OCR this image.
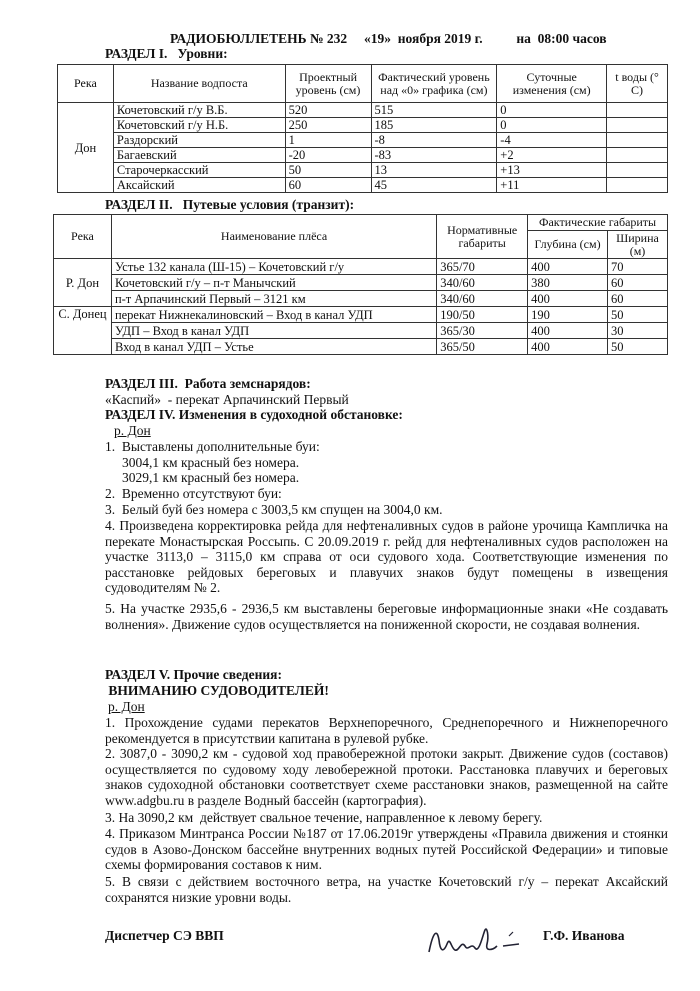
РАДИОБЮЛЛЕТЕНЬ № 232     «19»  ноября 2019 г.          на  08:00 часов
РАЗДЕЛ I.   Уровни:
Река	Название водпоста	Проектный уровень (см)	Фактический уровень над «0» графика (см)	Суточные изменения (см)	t воды (° C)
Дон	Кочетовский г/у В.Б.	520	515	0	
	Кочетовский г/у Н.Б.	250	185	0	
	Раздорский	1	-8	-4	
	Багаевский	-20	-83	+2	
	Старочеркасский	50	13	+13	
	Аксайский	60	45	+11	
РАЗДЕЛ II.   Путевые условия (транзит):
Река	Наименование плёса	Нормативные габариты	Фактические габариты	
			Глубина (см)	Ширина (м)
Р. Дон	Устье 132 канала (Ш-15) – Кочетовский г/у	365/70	400	70
	Кочетовский г/у – п-т Манычский	340/60	380	60
	п-т Арпачинский Первый – 3121 км	340/60	400	60
С. Донец	перекат Нижнекалиновский – Вход в канал УДП	190/50	190	50
	УДП – Вход в канал УДП	365/30	400	30
	Вход в канал УДП – Устье	365/50	400	50
РАЗДЕЛ III.  Работа земснарядов:
«Каспий»  - перекат Арпачинский Первый
РАЗДЕЛ IV. Изменения в судоходной обстановке:
р. Дон
1.  Выставлены дополнительные буи:
3004,1 км красный без номера.
3029,1 км красный без номера.
2.  Временно отсутствуют буи:
3.  Белый буй без номера с 3003,5 км спущен на 3004,0 км.
4. Произведена корректировка рейда для нефтеналивных судов в районе урочища Кампличка на перекате Монастырская Россыпь. С 20.09.2019 г. рейд для нефтеналивных судов расположен на участке 3113,0 – 3115,0 км справа от оси судового хода. Соответствующие изменения по расстановке рейдовых береговых и плавучих знаков будут помещены в извещения судоводителям № 2.
5. На участке 2935,6 - 2936,5 км выставлены береговые информационные знаки «Не создавать волнения». Движение судов осуществляется на пониженной скорости, не создавая волнения.
РАЗДЕЛ V. Прочие сведения:
ВНИМАНИЮ СУДОВОДИТЕЛЕЙ!
р. Дон
1. Прохождение судами перекатов Верхнепоречного, Среднепоречного и Нижнепоречного рекомендуется в присутствии капитана в рулевой рубке.
2. 3087,0 - 3090,2 км - судовой ход правобережной протоки закрыт. Движение судов (составов) осуществляется по судовому ходу левобережной протоки. Расстановка плавучих и береговых знаков судоходной обстановки соответствует схеме расстановки знаков, размещенной на сайте www.adgbu.ru в разделе Водный бассейн (картография).
3. На 3090,2 км  действует свальное течение, направленное к левому берегу.
4. Приказом Минтранса России №187 от 17.06.2019г утверждены «Правила движения и стоянки судов в Азово-Донском бассейне внутренних водных путей Российской Федерации» и типовые схемы формирования составов к ним.
5. В связи с действием восточного ветра, на участке Кочетовский г/у – перекат Аксайский сохранятся низкие уровни воды.
Диспетчер СЭ ВВП	Г.Ф. Иванова
